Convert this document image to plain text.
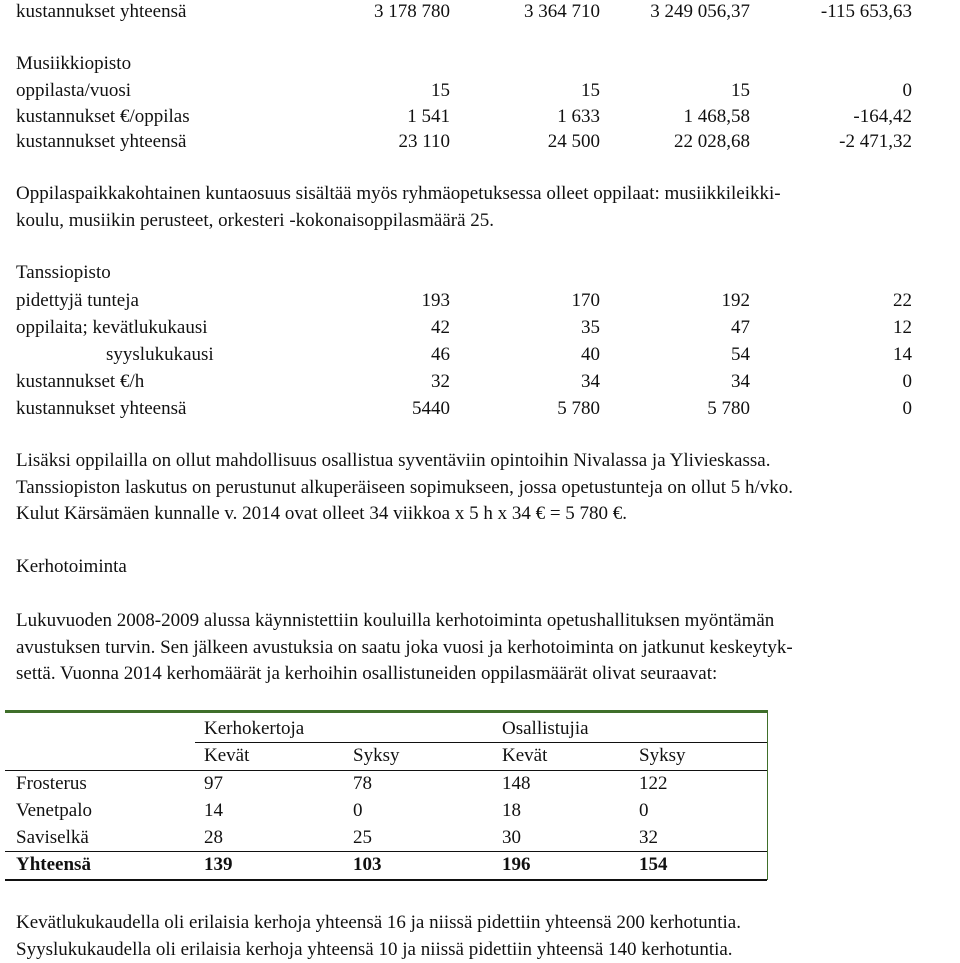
kustannukset yhteensä	3 178 780	3 364 710	3 249 056,37	-115 653,63
Musiikkiopisto
oppilasta/vuosi	15	15	15	0
kustannukset €/oppilas	1 541	1 633	1 468,58	-164,42
kustannukset yhteensä	23 110	24 500	22 028,68	-2 471,32
Oppilaspaikkakohtainen kuntaosuus sisältää myös ryhmäopetuksessa olleet oppilaat: musiikkileikki-
koulu, musiikin perusteet, orkesteri -kokonaisoppilasmäärä 25.
Tanssiopisto
pidettyjä tunteja	193	170	192	22
oppilaita; kevätlukukausi	42	35	47	12
syyslukukausi	46	40	54	14
kustannukset €/h	32	34	34	0
kustannukset yhteensä	5440	5 780	5 780	0
Lisäksi oppilailla on ollut mahdollisuus osallistua syventäviin opintoihin Nivalassa ja Ylivieskassa.
Tanssiopiston laskutus on perustunut alkuperäiseen sopimukseen, jossa opetustunteja on ollut 5 h/vko.
Kulut Kärsämäen kunnalle v. 2014 ovat olleet 34 viikkoa x 5 h x 34 € = 5 780 €.
Kerhotoiminta
Lukuvuoden 2008-2009 alussa käynnistettiin kouluilla kerhotoiminta opetushallituksen myöntämän
avustuksen turvin. Sen jälkeen avustuksia on saatu joka vuosi ja kerhotoiminta on jatkunut keskeytyk-
settä. Vuonna 2014 kerhomäärät ja kerhoihin osallistuneiden oppilasmäärät olivat seuraavat:
Kerhokertoja	Osallistujia
Kevät	Syksy	Kevät	Syksy
Frosterus	97	78	148	122
Venetpalo	14	0	18	0
Saviselkä	28	25	30	32
Yhteensä	139	103	196	154
Kevätlukukaudella oli erilaisia kerhoja yhteensä 16 ja niissä pidettiin yhteensä 200 kerhotuntia.
Syyslukukaudella oli erilaisia kerhoja yhteensä 10 ja niissä pidettiin yhteensä 140 kerhotuntia.
